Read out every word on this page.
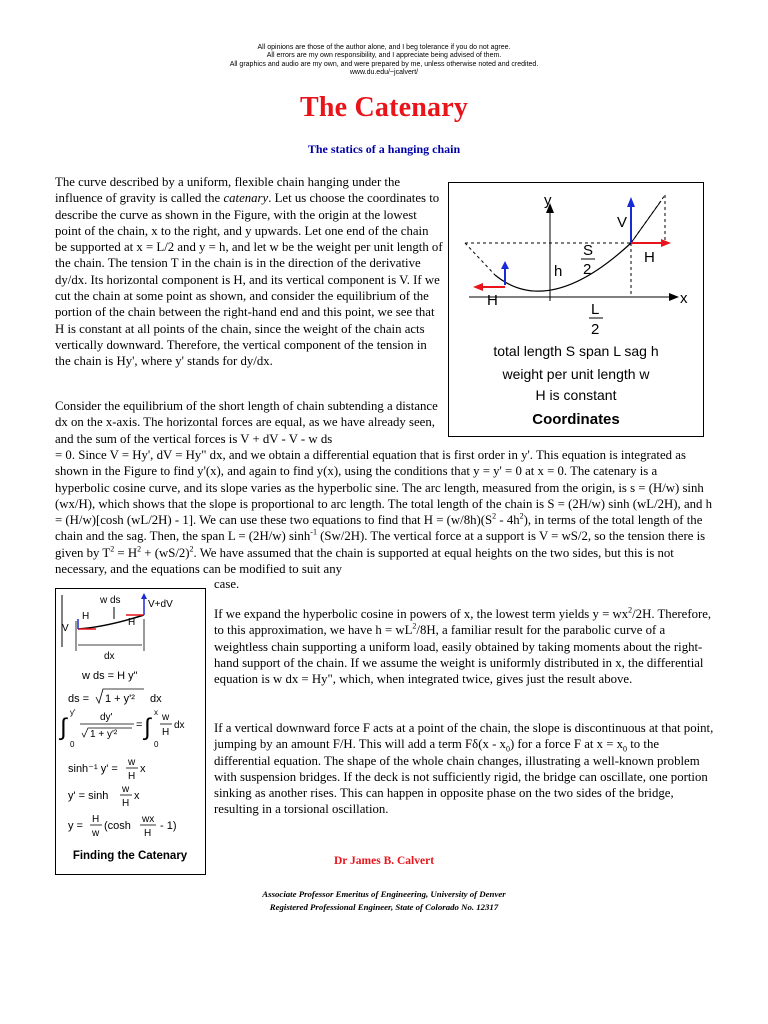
All opinions are those of the author alone, and I beg tolerance if you do not agree.
All errors are my own responsibility, and I appreciate being advised of them.
All graphics and audio are my own, and were prepared by me, unless otherwise noted and credited.
www.du.edu/~jcalvert/
The Catenary
The statics of a hanging chain
The curve described by a uniform, flexible chain hanging under the influence of gravity is called the catenary. Let us choose the coordinates to describe the curve as shown in the Figure, with the origin at the lowest point of the chain, x to the right, and y upwards. Let one end of the chain be supported at x = L/2 and y = h, and let w be the weight per unit length of the chain. The tension T in the chain is in the direction of the derivative dy/dx. Its horizontal component is H, and its vertical component is V. If we cut the chain at some point as shown, and consider the equilibrium of the portion of the chain between the right-hand end and this point, we see that H is constant at all points of the chain, since the weight of the chain acts vertically downward. Therefore, the vertical component of the tension in the chain is Hy', where y' stands for dy/dx.
Consider the equilibrium of the short length of chain subtending a distance dx on the x-axis. The horizontal forces are equal, as we have already seen, and the sum of the vertical forces is V + dV - V - w ds
= 0. Since V = Hy', dV = Hy" dx, and we obtain a differential equation that is first order in y'. This equation is integrated as shown in the Figure to find y'(x), and again to find y(x), using the conditions that y = y' = 0 at x = 0. The catenary is a hyperbolic cosine curve, and its slope varies as the hyperbolic sine. The arc length, measured from the origin, is s = (H/w) sinh (wx/H), which shows that the slope is proportional to arc length. The total length of the chain is S = (2H/w) sinh (wL/2H), and h = (H/w)[cosh (wL/2H) - 1]. We can use these two equations to find that $H = (w/8h)(S^2 - 4h^2)$, in terms of the total length of the chain and the sag. Then, the span L = (2H/w) $\sinh^{-1} (Sw/2H)$. The vertical force at a support is V = wS/2, so the tension there is given by $T^2 = H^2 + (wS/2)^2$. We have assumed that the chain is supported at equal heights on the two sides, but this is not necessary, and the equations can be modified to suit any
case.
If we expand the hyperbolic cosine in powers of x, the lowest term yields $y = wx^2/2H$. Therefore, to this approximation, we have $h = wL^2/8H$, a familiar result for the parabolic curve of a weightless chain supporting a uniform load, easily obtained by taking moments about the right-hand support of the chain. If we assume the weight is uniformly distributed in x, the differential equation is w dx = Hy", which, when integrated twice, gives just the result above.
If a vertical downward force F acts at a point of the chain, the slope is discontinuous at that point, jumping by an amount F/H. This will add a term $F\delta(x - x_0)$ for a force F at $x = x_0$ to the differential equation. The shape of the whole chain changes, illustrating a well-known problem with suspension bridges. If the deck is not sufficiently rigid, the bridge can oscillate, one portion sinking as another rises. This can happen in opposite phase on the two sides of the bridge, resulting in a torsional oscillation.
y
x
V
H
H
h
S
2
L
2
total length S span L sag h
weight per unit length w
H is constant
Coordinates
w ds	V+dV
H
H
V
dx
w ds = H y"
ds = 1 + y'² dx
∫
y'
0
dy'
1 + y'²
= ∫
x
0
w
H
dx
sinh⁻¹ y' =
w
H
x
y' = sinh
w
H
x
y =
H
w
(cosh
wx
H
- 1)
Finding the Catenary	Dr James B. Calvert
Associate Professor Emeritus of Engineering, University of Denver
Registered Professional Engineer, State of Colorado No. 12317
